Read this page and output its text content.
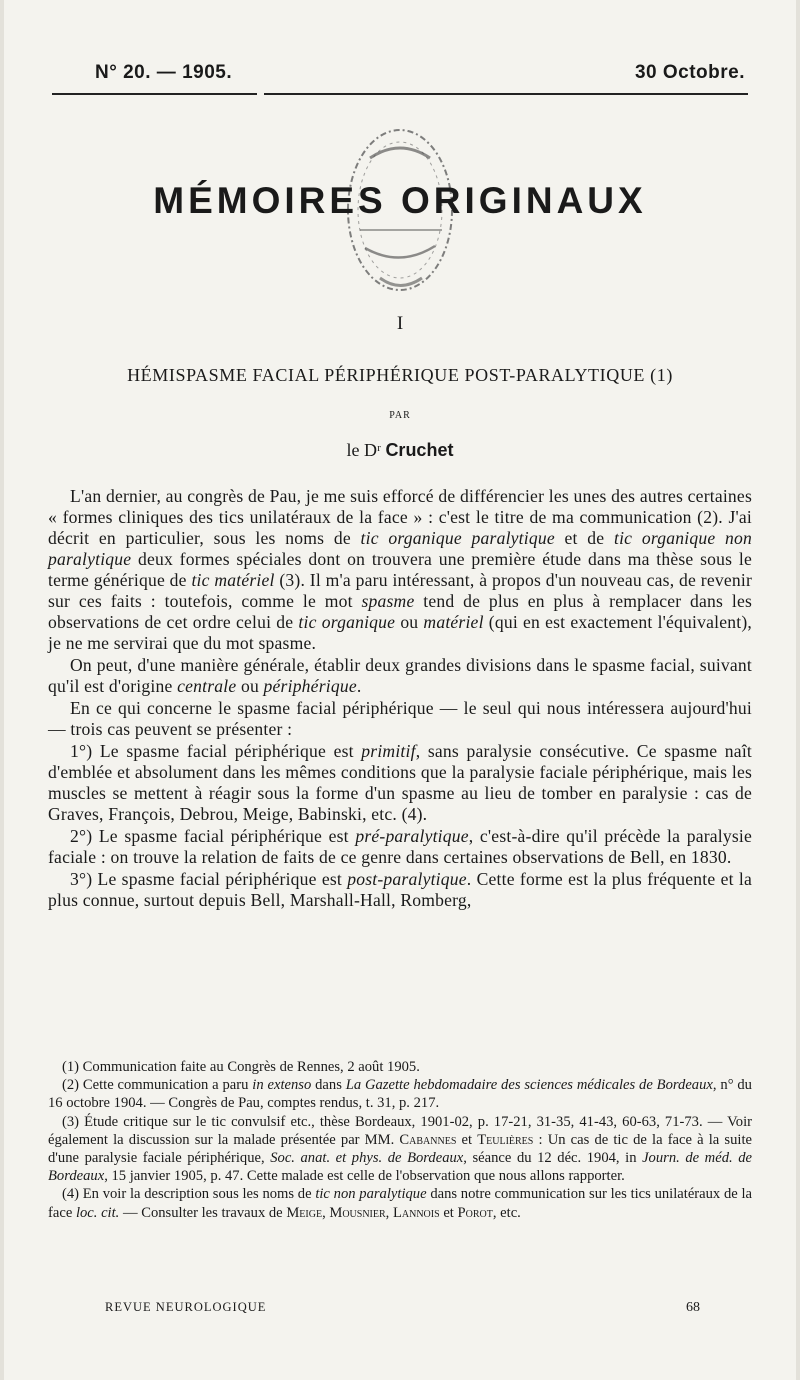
N° 20. — 1905.	30 Octobre.
MÉMOIRES ORIGINAUX
I
HÉMISPASME FACIAL PÉRIPHÉRIQUE POST-PARALYTIQUE (1)
PAR
le Dʳ Cruchet

L'an dernier, au congrès de Pau, je me suis efforcé de différencier les unes des autres certaines « formes cliniques des tics unilatéraux de la face » : c'est le titre de ma communication (2). J'ai décrit en particulier, sous les noms de tic organique paralytique et de tic organique non paralytique deux formes spéciales dont on trouvera une première étude dans ma thèse sous le terme générique de tic matériel (3). Il m'a paru intéressant, à propos d'un nouveau cas, de revenir sur ces faits : toutefois, comme le mot spasme tend de plus en plus à remplacer dans les observations de cet ordre celui de tic organique ou matériel (qui en est exactement l'équivalent), je ne me servirai que du mot spasme.

On peut, d'une manière générale, établir deux grandes divisions dans le spasme facial, suivant qu'il est d'origine centrale ou périphérique.

En ce qui concerne le spasme facial périphérique — le seul qui nous intéressera aujourd'hui — trois cas peuvent se présenter :

1°) Le spasme facial périphérique est primitif, sans paralysie consécutive. Ce spasme naît d'emblée et absolument dans les mêmes conditions que la paralysie faciale périphérique, mais les muscles se mettent à réagir sous la forme d'un spasme au lieu de tomber en paralysie : cas de Graves, François, Debrou, Meige, Babinski, etc. (4).

2°) Le spasme facial périphérique est pré-paralytique, c'est-à-dire qu'il précède la paralysie faciale : on trouve la relation de faits de ce genre dans certaines observations de Bell, en 1830.

3°) Le spasme facial périphérique est post-paralytique. Cette forme est la plus fréquente et la plus connue, surtout depuis Bell, Marshall-Hall, Romberg,

(1) Communication faite au Congrès de Rennes, 2 août 1905.

(2) Cette communication a paru in extenso dans La Gazette hebdomadaire des sciences médicales de Bordeaux, n° du 16 octobre 1904. — Congrès de Pau, comptes rendus, t. 31, p. 217.

(3) Étude critique sur le tic convulsif etc., thèse Bordeaux, 1901-02, p. 17-21, 31-35, 41-43, 60-63, 71-73. — Voir également la discussion sur la malade présentée par MM. Cabannes et Teulières : Un cas de tic de la face à la suite d'une paralysie faciale périphérique, Soc. anat. et phys. de Bordeaux, séance du 12 déc. 1904, in Journ. de méd. de Bordeaux, 15 janvier 1905, p. 47. Cette malade est celle de l'observation que nous allons rapporter.

(4) En voir la description sous les noms de tic non paralytique dans notre communication sur les tics unilatéraux de la face loc. cit. — Consulter les travaux de Meige, Mousnier, Lannois et Porot, etc.

REVUE NEUROLOGIQUE	68
